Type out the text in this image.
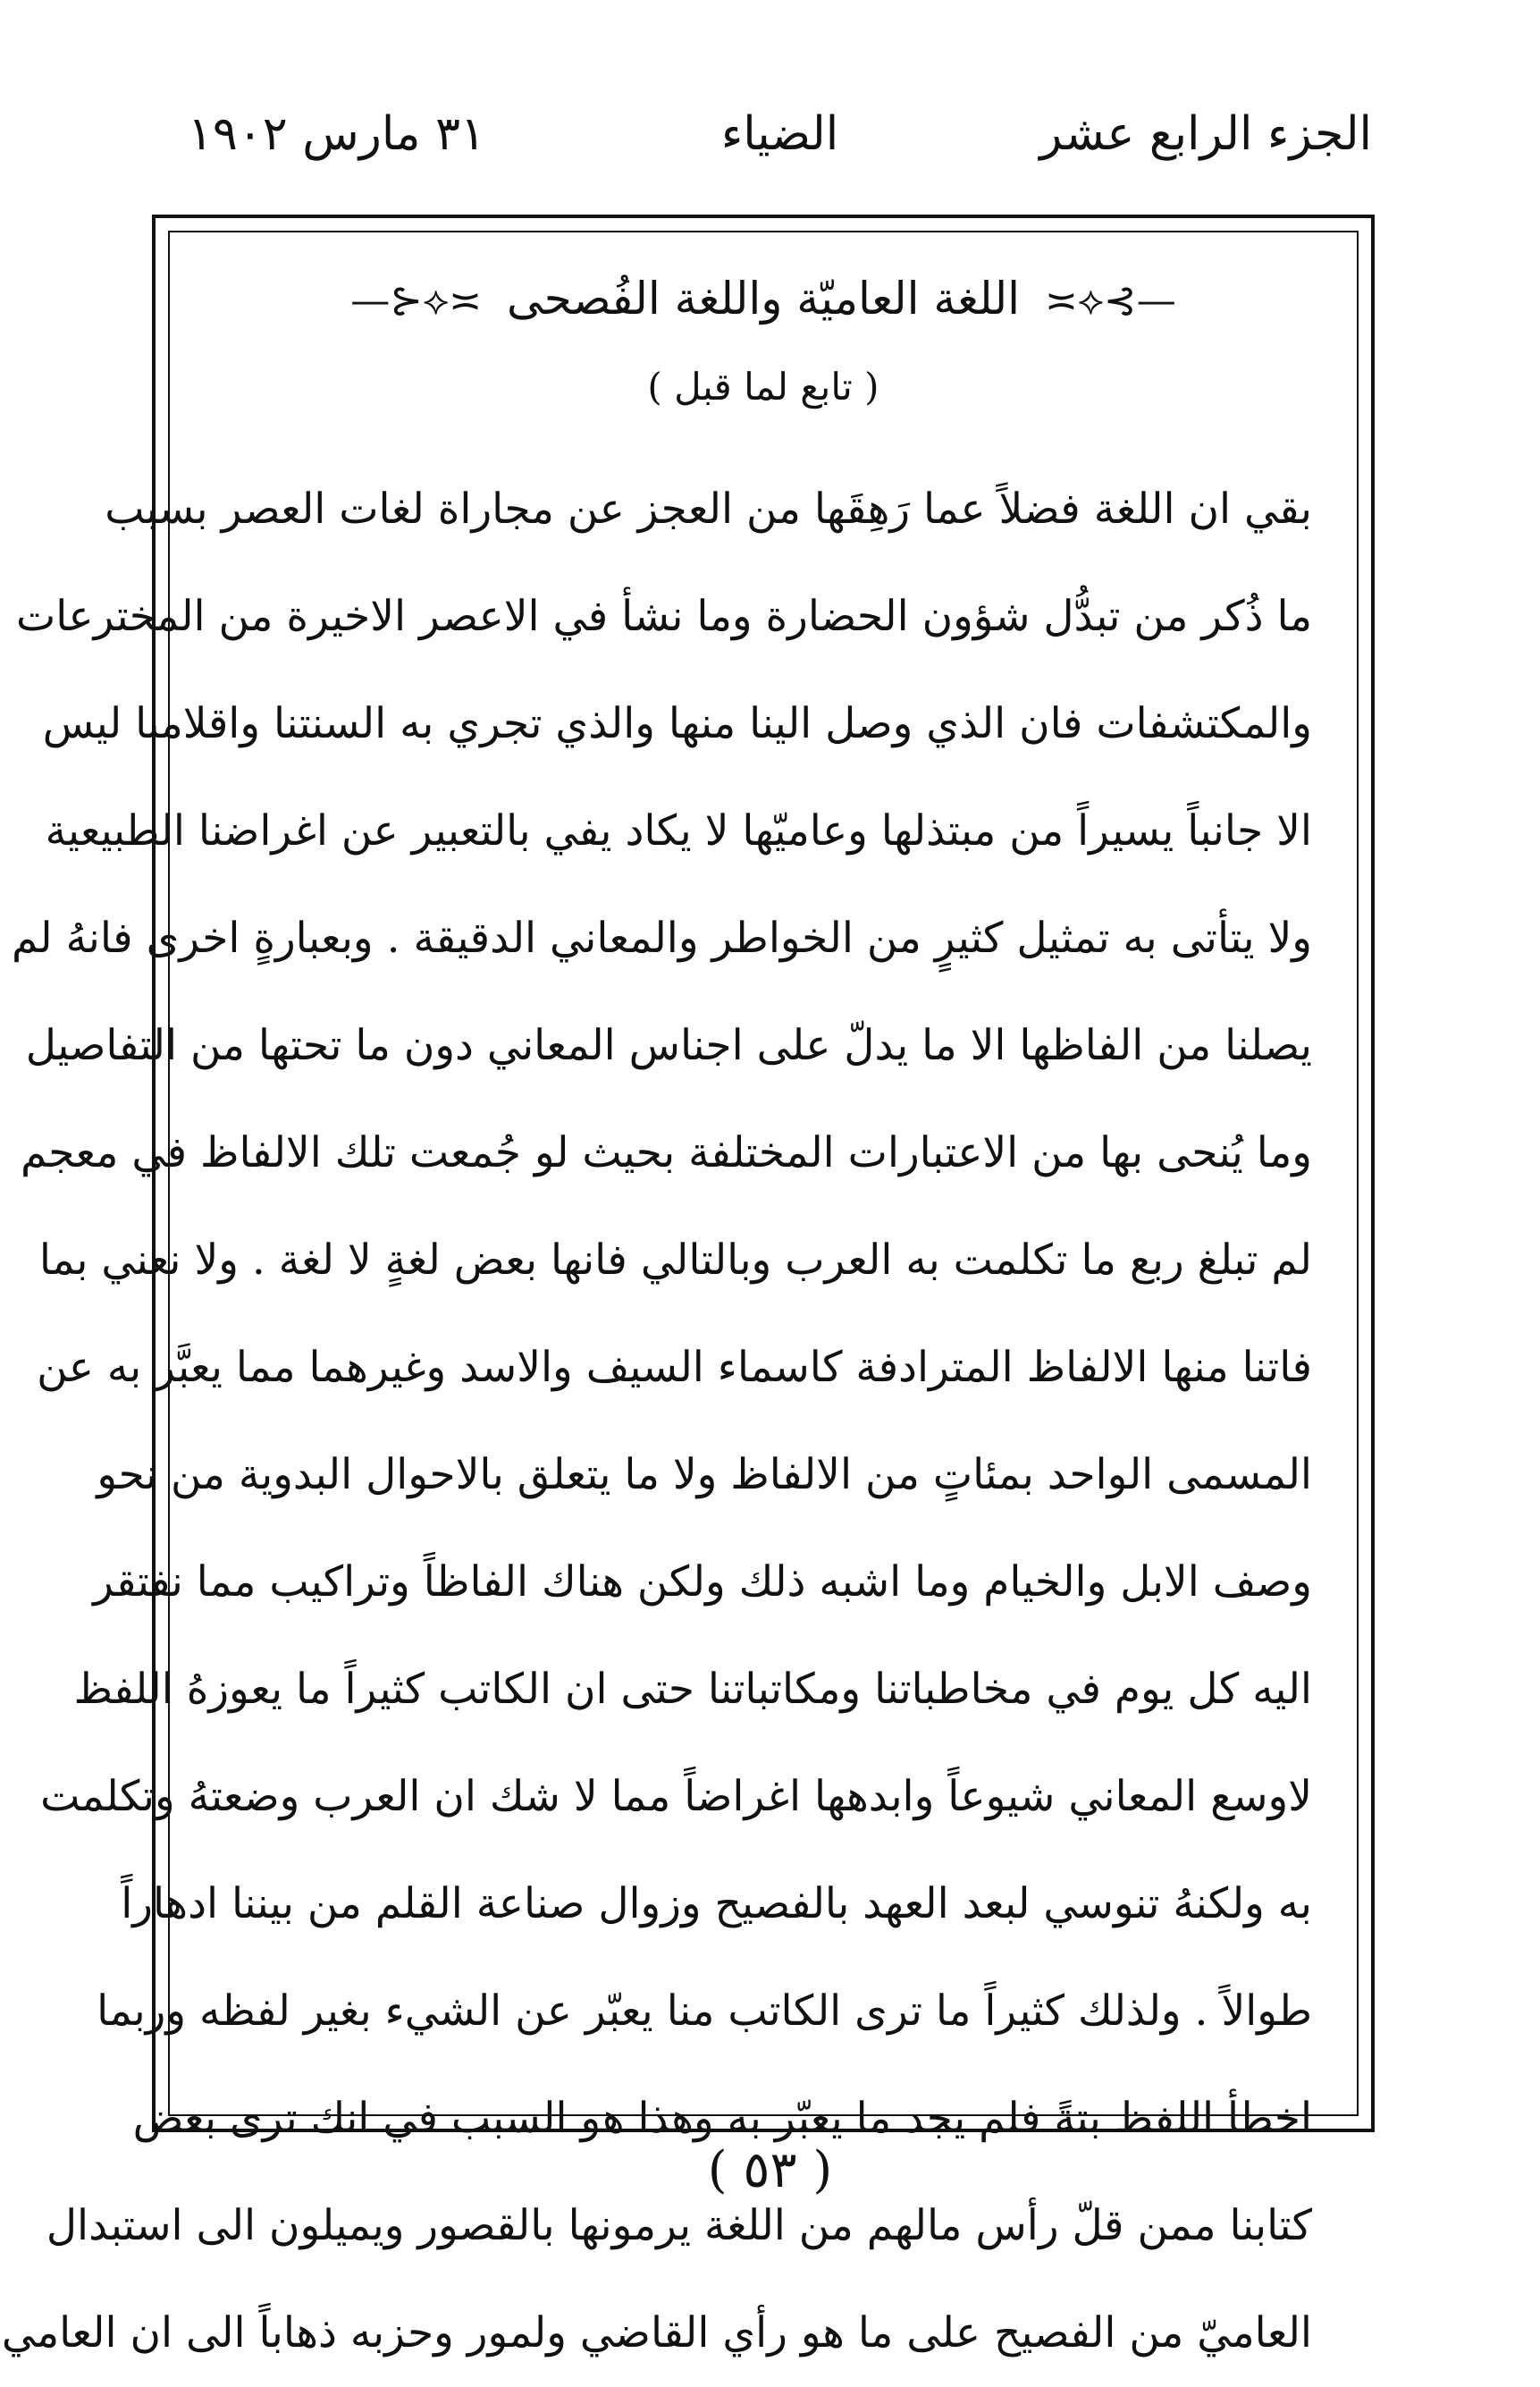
الجزء الرابع عشر
الضياء
٣١ مارس ١٩٠٢
—⊱⟡≍اللغة العاميّة واللغة الفُصحى≍⟡⊰—
( تابع لما قبل )

بقي ان اللغة فضلاً عما رَهِقَها من العجز عن مجاراة لغات العصر بسبب

ما ذُكر من تبدُّل شؤون الحضارة وما نشأ في الاعصر الاخيرة من المخترعات

والمكتشفات فان الذي وصل الينا منها والذي تجري به السنتنا واقلامنا ليس

الا جانباً يسيراً من مبتذلها وعاميّها لا يكاد يفي بالتعبير عن اغراضنا الطبيعية

ولا يتأتى به تمثيل كثيرٍ من الخواطر والمعاني الدقيقة . وبعبارةٍ اخرى فانهُ لم

يصلنا من الفاظها الا ما يدلّ على اجناس المعاني دون ما تحتها من التفاصيل

وما يُنحى بها من الاعتبارات المختلفة بحيث لو جُمعت تلك الالفاظ في معجم

لم تبلغ ربع ما تكلمت به العرب وبالتالي فانها بعض لغةٍ لا لغة . ولا نعني بما

فاتنا منها الالفاظ المترادفة كاسماء السيف والاسد وغيرهما مما يعبَّر به عن

المسمى الواحد بمئاتٍ من الالفاظ ولا ما يتعلق بالاحوال البدوية من نحو

وصف الابل والخيام وما اشبه ذلك ولكن هناك الفاظاً وتراكيب مما نفتقر

اليه كل يوم في مخاطباتنا ومكاتباتنا حتى ان الكاتب كثيراً ما يعوزهُ اللفظ

لاوسع المعاني شيوعاً وابدهها اغراضاً مما لا شك ان العرب وضعتهُ وتكلمت

به ولكنهُ تنوسي لبعد العهد بالفصيح وزوال صناعة القلم من بيننا ادهاراً

طوالاً . ولذلك كثيراً ما ترى الكاتب منا يعبّر عن الشيء بغير لفظه وربما

اخطأ اللفظ بتةً فلم يجد ما يعبّر به وهذا هو السبب في انك ترى بعض

كتابنا ممن قلّ رأس مالهم من اللغة يرمونها بالقصور ويميلون الى استبدال

العاميّ من الفصيح على ما هو رأي القاضي ولمور وحزبه ذهاباً الى ان العامي

( ٥٣ )
